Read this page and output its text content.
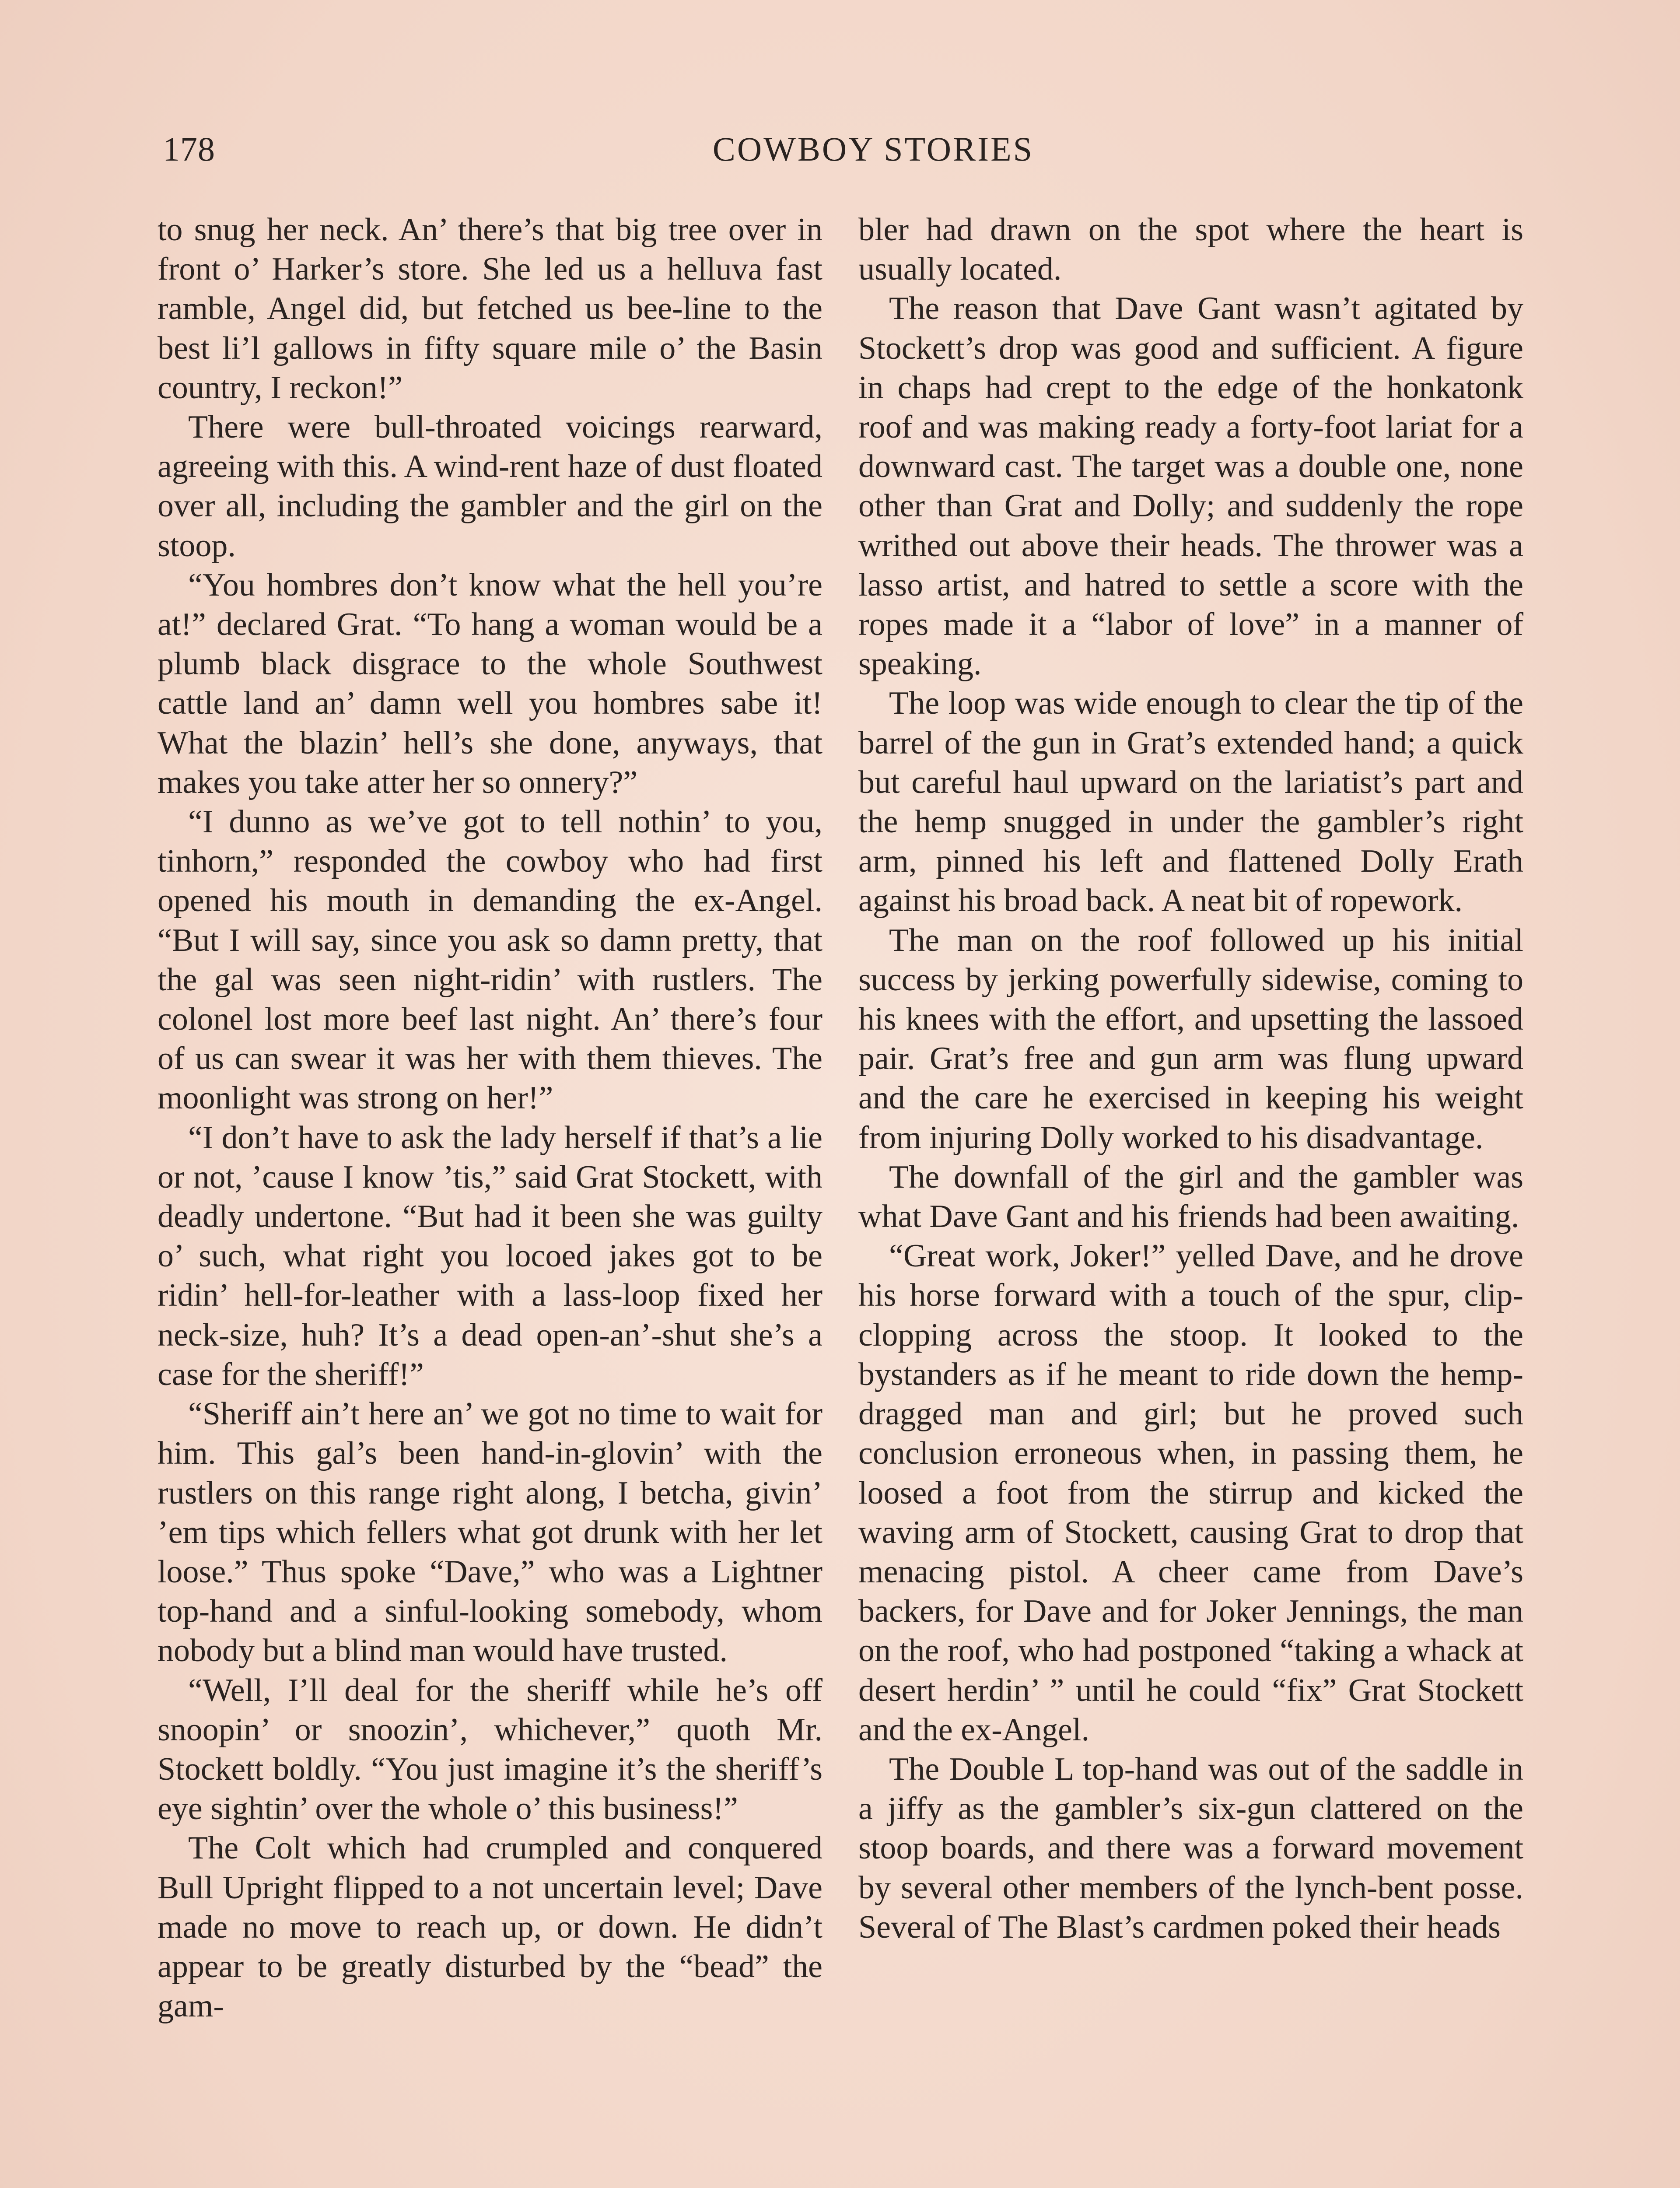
178	COWBOY STORIES

to snug her neck. An’ there’s that big tree over in front o’ Harker’s store. She led us a helluva fast ramble, Angel did, but fetched us bee-line to the best li’l gallows in fifty square mile o’ the Basin country, I reckon!”

There were bull-throated voicings rearward, agreeing with this. A wind-rent haze of dust floated over all, including the gambler and the girl on the stoop.

“You hombres don’t know what the hell you’re at!” declared Grat. “To hang a woman would be a plumb black disgrace to the whole Southwest cattle land an’ damn well you hombres sabe it! What the blazin’ hell’s she done, anyways, that makes you take atter her so onnery?”

“I dunno as we’ve got to tell nothin’ to you, tinhorn,” responded the cowboy who had first opened his mouth in demanding the ex-Angel. “But I will say, since you ask so damn pretty, that the gal was seen night-ridin’ with rustlers. The colonel lost more beef last night. An’ there’s four of us can swear it was her with them thieves. The moonlight was strong on her!”

“I don’t have to ask the lady herself if that’s a lie or not, ’cause I know ’tis,” said Grat Stockett, with deadly undertone. “But had it been she was guilty o’ such, what right you locoed jakes got to be ridin’ hell-for-leather with a lass-loop fixed her neck-size, huh? It’s a dead open-an’-shut she’s a case for the sheriff!”

“Sheriff ain’t here an’ we got no time to wait for him. This gal’s been hand-in-glovin’ with the rustlers on this range right along, I betcha, givin’ ’em tips which fellers what got drunk with her let loose.” Thus spoke “Dave,” who was a Lightner top-hand and a sinful-looking somebody, whom nobody but a blind man would have trusted.

“Well, I’ll deal for the sheriff while he’s off snoopin’ or snoozin’, whichever,” quoth Mr. Stockett boldly. “You just imagine it’s the sheriff’s eye sightin’ over the whole o’ this business!”

The Colt which had crumpled and conquered Bull Upright flipped to a not uncertain level; Dave made no move to reach up, or down. He didn’t appear to be greatly disturbed by the “bead” the gam-

bler had drawn on the spot where the heart is usually located.

The reason that Dave Gant wasn’t agitated by Stockett’s drop was good and sufficient. A figure in chaps had crept to the edge of the honkatonk roof and was making ready a forty-foot lariat for a downward cast. The target was a double one, none other than Grat and Dolly; and suddenly the rope writhed out above their heads. The thrower was a lasso artist, and hatred to settle a score with the ropes made it a “labor of love” in a manner of speaking.

The loop was wide enough to clear the tip of the barrel of the gun in Grat’s extended hand; a quick but careful haul upward on the lariatist’s part and the hemp snugged in under the gambler’s right arm, pinned his left and flattened Dolly Erath against his broad back. A neat bit of ropework.

The man on the roof followed up his initial success by jerking powerfully sidewise, coming to his knees with the effort, and upsetting the lassoed pair. Grat’s free and gun arm was flung upward and the care he exercised in keeping his weight from injuring Dolly worked to his disadvantage.

The downfall of the girl and the gambler was what Dave Gant and his friends had been awaiting.

“Great work, Joker!” yelled Dave, and he drove his horse forward with a touch of the spur, clip-clopping across the stoop. It looked to the bystanders as if he meant to ride down the hemp-dragged man and girl; but he proved such conclusion erroneous when, in passing them, he loosed a foot from the stirrup and kicked the waving arm of Stockett, causing Grat to drop that menacing pistol. A cheer came from Dave’s backers, for Dave and for Joker Jennings, the man on the roof, who had postponed “taking a whack at desert herdin’ ” until he could “fix” Grat Stockett and the ex-Angel.

The Double L top-hand was out of the saddle in a jiffy as the gambler’s six-gun clattered on the stoop boards, and there was a forward movement by several other members of the lynch-bent posse. Several of The Blast’s cardmen poked their heads
